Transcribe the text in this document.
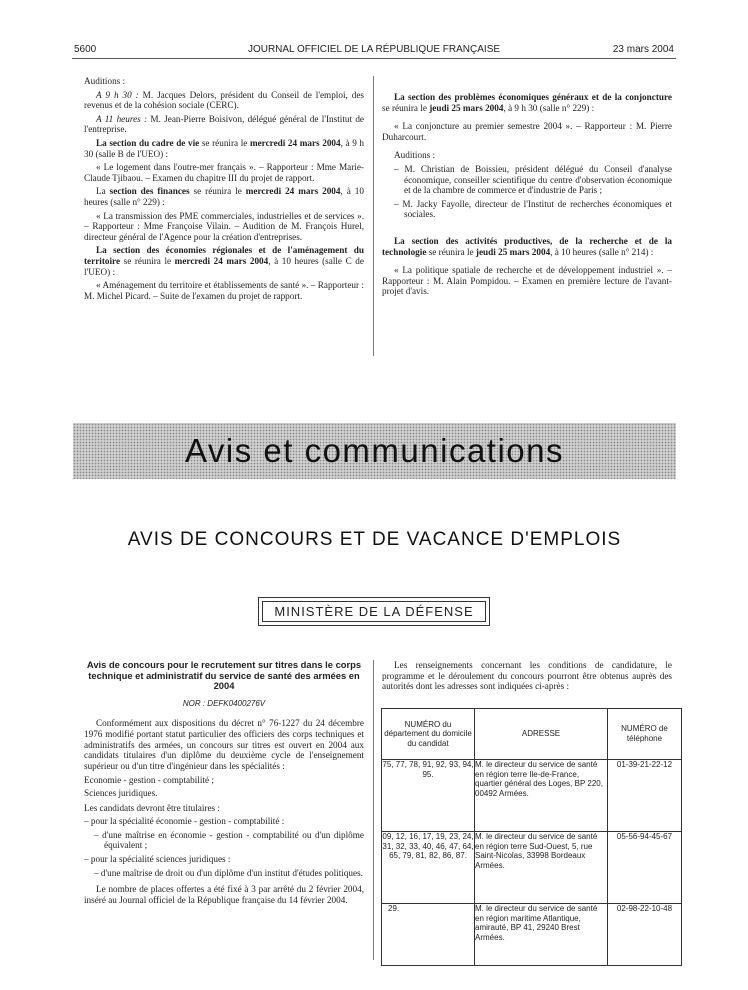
5600	JOURNAL OFFICIEL DE LA RÉPUBLIQUE FRANÇAISE	23 mars 2004

Auditions :

A 9 h 30 : M. Jacques Delors, président du Conseil de l'emploi, des revenus et de la cohésion sociale (CERC).

A 11 heures : M. Jean-Pierre Boisivon, délégué général de l'Institut de l'entreprise.

La section du cadre de vie se réunira le mercredi 24 mars 2004, à 9 h 30 (salle B de l'UEO) :

« Le logement dans l'outre-mer français ». – Rapporteur : Mme Marie-Claude Tjibaou. – Examen du chapitre III du projet de rapport.

La section des finances se réunira le mercredi 24 mars 2004, à 10 heures (salle n° 229) :

« La transmission des PME commerciales, industrielles et de services ». – Rapporteur : Mme Françoise Vilain. – Audition de M. François Hurel, directeur général de l'Agence pour la création d'entreprises.

La section des économies régionales et de l'aménagement du territoire se réunira le mercredi 24 mars 2004, à 10 heures (salle C de l'UEO) :

« Aménagement du territoire et établissements de santé ». – Rapporteur : M. Michel Picard. – Suite de l'examen du projet de rapport.

La section des problèmes économiques généraux et de la conjoncture se réunira le jeudi 25 mars 2004, à 9 h 30 (salle n° 229) :

« La conjoncture au premier semestre 2004 ». – Rapporteur : M. Pierre Duharcourt.

Auditions :

– M. Christian de Boissieu, président délégué du Conseil d'analyse économique, conseiller scientifique du centre d'observation économique et de la chambre de commerce et d'industrie de Paris ;

– M. Jacky Fayolle, directeur de l'Institut de recherches économiques et sociales.

La section des activités productives, de la recherche et de la technologie se réunira le jeudi 25 mars 2004, à 10 heures (salle n° 214) :

« La politique spatiale de recherche et de développement industriel ». – Rapporteur : M. Alain Pompidou. – Examen en première lecture de l'avant-projet d'avis.

Avis et communications
AVIS DE CONCOURS ET DE VACANCE D'EMPLOIS
MINISTÈRE DE LA DÉFENSE

Avis de concours pour le recrutement sur titres dans le corps technique et administratif du service de santé des armées en 2004

NOR : DEFK0400276V

Conformément aux dispositions du décret n° 76-1227 du 24 décembre 1976 modifié portant statut particulier des officiers des corps techniques et administratifs des armées, un concours sur titres est ouvert en 2004 aux candidats titulaires d'un diplôme du deuxième cycle de l'enseignement supérieur ou d'un titre d'ingénieur dans les spécialités :

Economie - gestion - comptabilité ;

Sciences juridiques.

Les candidats devront être titulaires :

– pour la spécialité économie - gestion - comptabilité :

– d'une maîtrise en économie - gestion - comptabilité ou d'un diplôme équivalent ;

– pour la spécialité sciences juridiques :

– d'une maîtrise de droit ou d'un diplôme d'un institut d'études politiques.

Le nombre de places offertes a été fixé à 3 par arrêté du 2 février 2004, inséré au Journal officiel de la République française du 14 février 2004.

Les renseignements concernant les conditions de candidature, le programme et le déroulement du concours pourront être obtenus auprès des autorités dont les adresses sont indiquées ci-après :

NUMÉRO du département du domicile du candidat	ADRESSE	NUMÉRO de téléphone
75, 77, 78, 91, 92, 93, 94, 95.	M. le directeur du service de santé en région terre Ile-de-France, quartier général des Loges, BP 220, 00492 Armées.	01-39-21-22-12
09, 12, 16, 17, 19, 23, 24, 31, 32, 33, 40, 46, 47, 64, 65, 79, 81, 82, 86, 87.	M. le directeur du service de santé en région terre Sud-Ouest, 5, rue Saint-Nicolas, 33998 Bordeaux Armées.	05-56-94-45-67
29.	M. le directeur du service de santé en région maritime Atlantique, amirauté, BP 41, 29240 Brest Armées.	02-98-22-10-48
